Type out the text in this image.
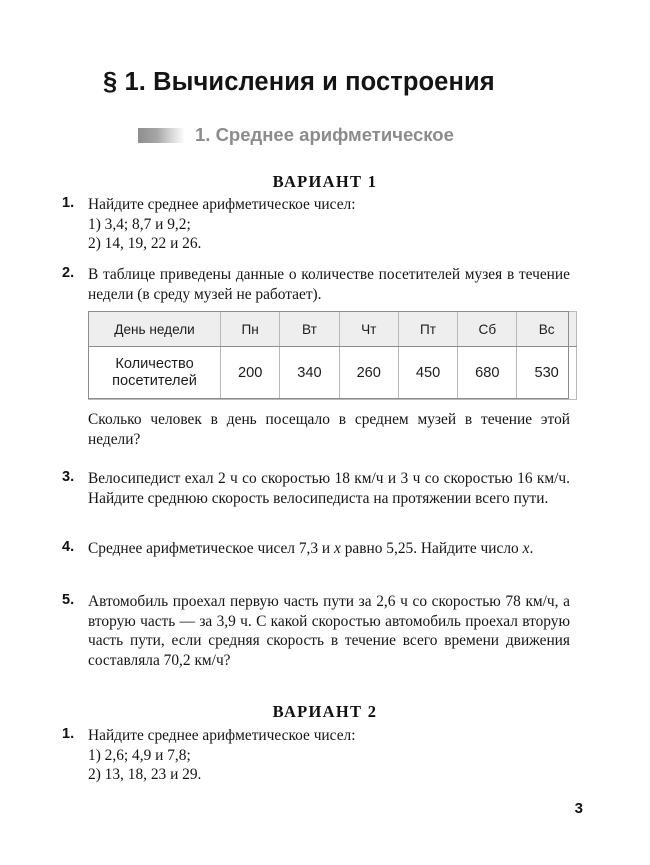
§ 1. Вычисления и построения
1. Среднее арифметическое
ВАРИАНТ 1
1. Найдите среднее арифметическое чисел:
1) 3,4; 8,7 и 9,2;
2) 14, 19, 22 и 26.
2. В таблице приведены данные о количестве посетителей музея в течение недели (в среду музей не работает).
День недели	Пн	Вт	Чт	Пт	Сб	Вс

Количество
посетителей	200	340	260	450	680	530
Сколько человек в день посещало в среднем музей в течение этой недели?
3. Велосипедист ехал 2 ч со скоростью 18 км/ч и 3 ч со скоростью 16 км/ч. Найдите среднюю скорость велосипедиста на протяжении всего пути.
4. Среднее арифметическое чисел 7,3 и x равно 5,25. Найдите число x.
5. Автомобиль проехал первую часть пути за 2,6 ч со скоростью 78 км/ч, а вторую часть — за 3,9 ч. С какой скоростью автомобиль проехал вторую часть пути, если средняя скорость в течение всего времени движения составляла 70,2 км/ч?
ВАРИАНТ 2
1. Найдите среднее арифметическое чисел:
1) 2,6; 4,9 и 7,8;
2) 13, 18, 23 и 29.
3
